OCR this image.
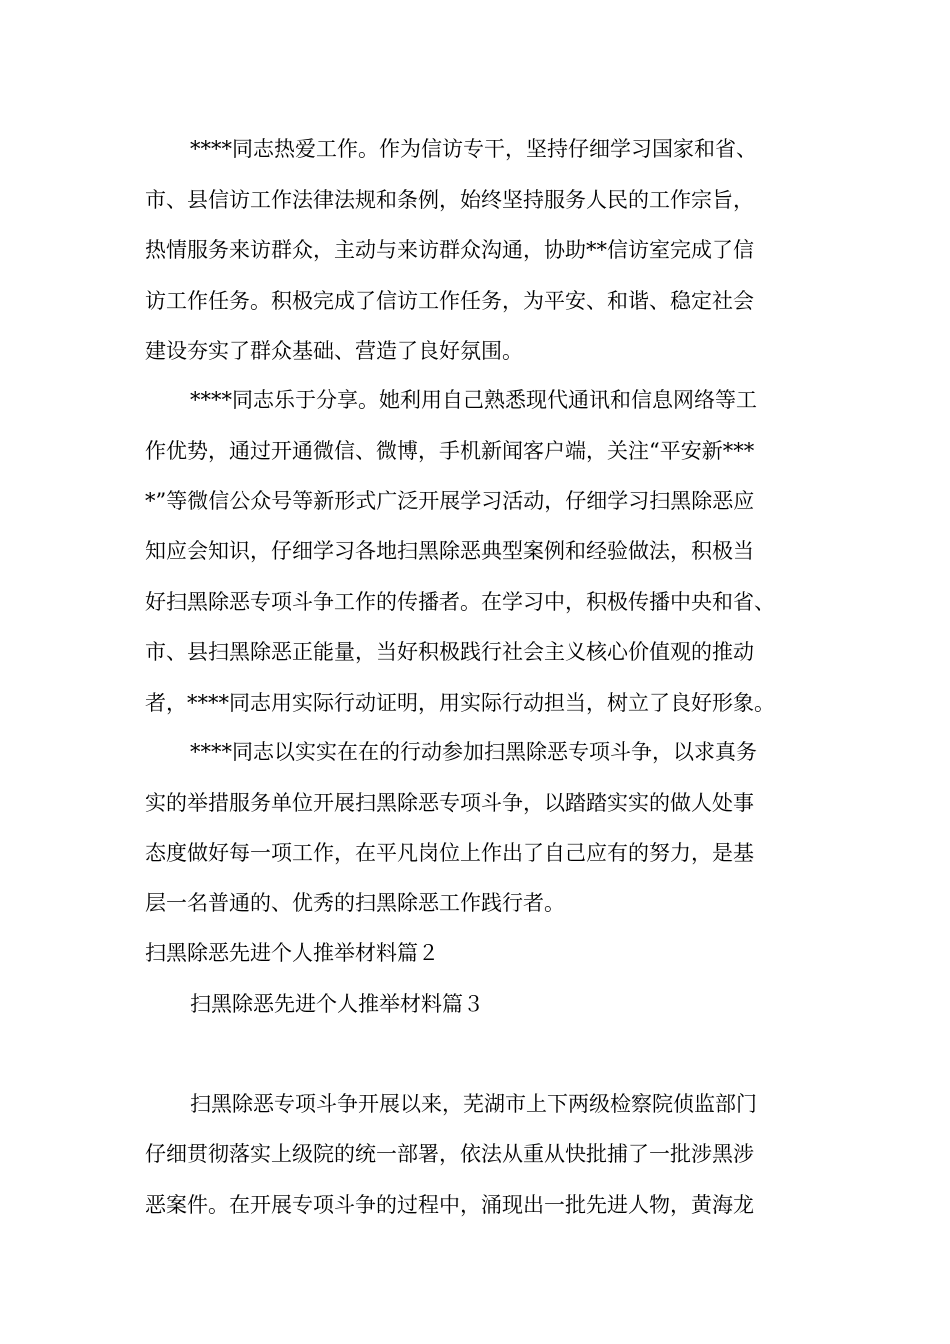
****同志热爱工作。作为信访专干，坚持仔细学习国家和省、
市、县信访工作法律法规和条例，始终坚持服务人民的工作宗旨，
热情服务来访群众，主动与来访群众沟通，协助**信访室完成了信
访工作任务。积极完成了信访工作任务，为平安、和谐、稳定社会
建设夯实了群众基础、营造了良好氛围。
****同志乐于分享。她利用自己熟悉现代通讯和信息网络等工
作优势，通过开通微信、微博，手机新闻客户端，关注“平安新***
*”等微信公众号等新形式广泛开展学习活动，仔细学习扫黑除恶应
知应会知识，仔细学习各地扫黑除恶典型案例和经验做法，积极当
好扫黑除恶专项斗争工作的传播者。在学习中，积极传播中央和省、
市、县扫黑除恶正能量，当好积极践行社会主义核心价值观的推动
者，****同志用实际行动证明，用实际行动担当，树立了良好形象。
****同志以实实在在的行动参加扫黑除恶专项斗争，以求真务
实的举措服务单位开展扫黑除恶专项斗争，以踏踏实实的做人处事
态度做好每一项工作，在平凡岗位上作出了自己应有的努力，是基
层一名普通的、优秀的扫黑除恶工作践行者。
扫黑除恶先进个人推举材料篇２
扫黑除恶先进个人推举材料篇３
扫黑除恶专项斗争开展以来，芜湖市上下两级检察院侦监部门
仔细贯彻落实上级院的统一部署，依法从重从快批捕了一批涉黑涉
恶案件。在开展专项斗争的过程中，涌现出一批先进人物，黄海龙
